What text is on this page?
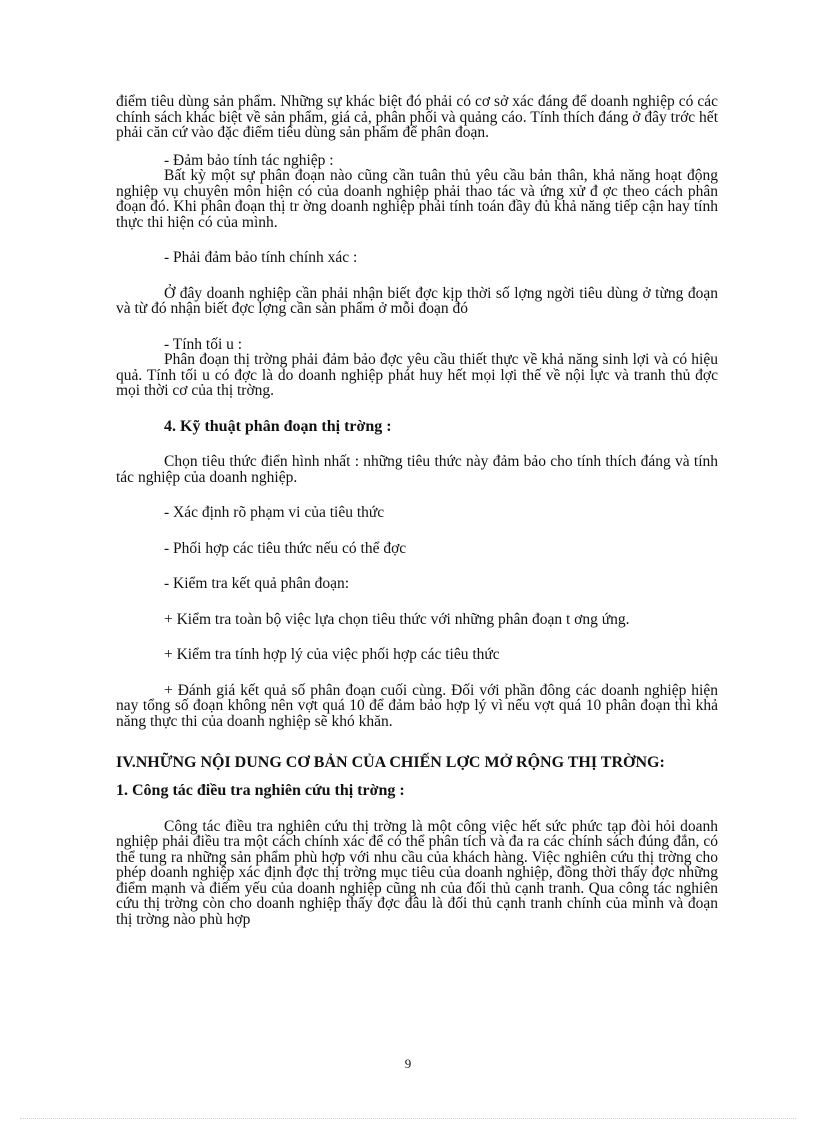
điểm tiêu dùng sản phẩm. Những sự khác biệt đó phải có cơ sở xác đáng để doanh nghiệp có các chính sách khác biệt về sản phẩm, giá cả, phân phối và quảng cáo. Tính thích đáng ở đây trớc hết phải căn cứ vào đặc điểm tiêu dùng sản phẩm để phân đoạn.

- Đảm bảo tính tác nghiệp :

Bất kỳ một sự phân đoạn nào cũng cần tuân thủ yêu cầu bản thân, khả năng hoạt động nghiệp vụ chuyên môn hiện có của doanh nghiệp phải thao tác và ứng xử đ ợc theo cách phân đoạn đó. Khi phân đoạn thị tr ờng doanh nghiệp phải tính toán đầy đủ khả năng tiếp cận hay tính thực thi hiện có của mình.

- Phải đảm bảo tính chính xác :

Ở đây doanh nghiệp cần phải nhận biết đợc kịp thời số lợng ngời tiêu dùng ở từng đoạn và từ đó nhận biết đợc lợng cần sản phẩm ở mỗi đoạn đó

- Tính tối u :

Phân đoạn thị trờng phải đảm bảo đợc yêu cầu thiết thực về khả năng sinh lợi và có hiệu quả. Tính tối u có đợc là do doanh nghiệp phát huy hết mọi lợi thế về nội lực và tranh thủ đợc mọi thời cơ của thị trờng.

4. Kỹ thuật phân đoạn thị trờng :

Chọn tiêu thức điển hình nhất : những tiêu thức này đảm bảo cho tính thích đáng và tính tác nghiệp của doanh nghiệp.

- Xác định rõ phạm vi của tiêu thức

- Phối hợp các tiêu thức nếu có thể đợc

- Kiểm tra kết quả phân đoạn:

+ Kiểm tra toàn bộ việc lựa chọn tiêu thức với những phân đoạn t ơng ứng.

+ Kiểm tra tính hợp lý của việc phối hợp các tiêu thức

+ Đánh giá kết quả số phân đoạn cuối cùng. Đối với phần đông các doanh nghiệp hiện nay tổng số đoạn không nên vợt quá 10 để đảm bảo hợp lý vì nếu vợt quá 10 phân đoạn thì khả năng thực thi của doanh nghiệp sẽ khó khăn.

IV.NHỮNG NỘI DUNG CƠ BẢN CỦA CHIẾN LỢC MỞ RỘNG THỊ TRỜNG:

1. Công tác điều tra nghiên cứu thị trờng :

Công tác điều tra nghiên cứu thị trờng là một công việc hết sức phức tạp đòi hỏi doanh nghiệp phải điều tra một cách chính xác để có thể phân tích và đa ra các chính sách đúng đắn, có thể tung ra những sản phẩm phù hợp với nhu cầu của khách hàng. Việc nghiên cứu thị trờng cho phép doanh nghiệp xác định đợc thị trờng mục tiêu của doanh nghiệp, đồng thời thấy đợc những điểm mạnh và điểm yếu của doanh nghiệp cũng nh của đối thủ cạnh tranh. Qua công tác nghiên cứu thị trờng còn cho doanh nghiệp thấy đợc đâu là đối thủ cạnh tranh chính của mình và đoạn thị trờng nào phù hợp

9
